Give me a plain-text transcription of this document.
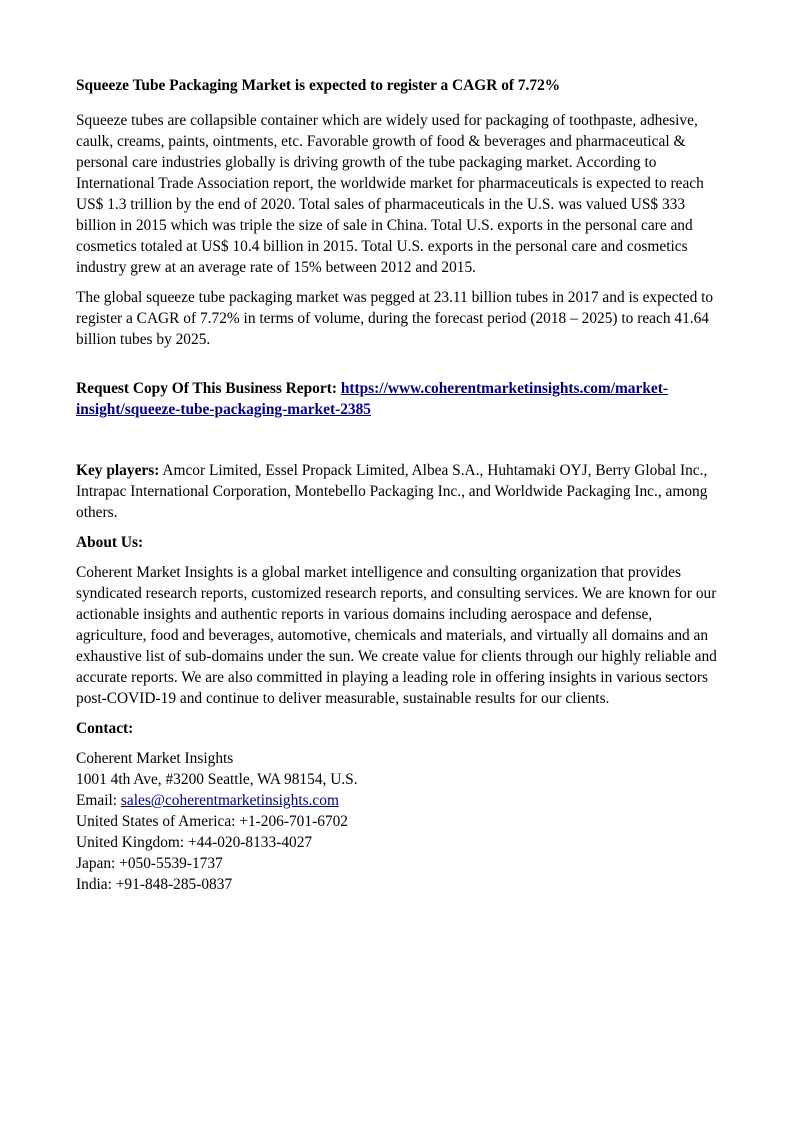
Squeeze Tube Packaging Market is expected to register a CAGR of 7.72%

Squeeze tubes are collapsible container which are widely used for packaging of toothpaste, adhesive, caulk, creams, paints, ointments, etc. Favorable growth of food & beverages and pharmaceutical & personal care industries globally is driving growth of the tube packaging market. According to International Trade Association report, the worldwide market for pharmaceuticals is expected to reach US$ 1.3 trillion by the end of 2020. Total sales of pharmaceuticals in the U.S. was valued US$ 333 billion in 2015 which was triple the size of sale in China. Total U.S. exports in the personal care and cosmetics totaled at US$ 10.4 billion in 2015. Total U.S. exports in the personal care and cosmetics industry grew at an average rate of 15% between 2012 and 2015.

The global squeeze tube packaging market was pegged at 23.11 billion tubes in 2017 and is expected to register a CAGR of 7.72% in terms of volume, during the forecast period (2018 – 2025) to reach 41.64 billion tubes by 2025.

Request Copy Of This Business Report: https://www.coherentmarketinsights.com/market-insight/squeeze-tube-packaging-market-2385

Key players: Amcor Limited, Essel Propack Limited, Albea S.A., Huhtamaki OYJ, Berry Global Inc., Intrapac International Corporation, Montebello Packaging Inc., and Worldwide Packaging Inc., among others.

About Us:

Coherent Market Insights is a global market intelligence and consulting organization that provides syndicated research reports, customized research reports, and consulting services. We are known for our actionable insights and authentic reports in various domains including aerospace and defense, agriculture, food and beverages, automotive, chemicals and materials, and virtually all domains and an exhaustive list of sub-domains under the sun. We create value for clients through our highly reliable and accurate reports. We are also committed in playing a leading role in offering insights in various sectors post-COVID-19 and continue to deliver measurable, sustainable results for our clients.

Contact:

Coherent Market Insights
1001 4th Ave, #3200 Seattle, WA 98154, U.S.
Email: sales@coherentmarketinsights.com
United States of America: +1-206-701-6702
United Kingdom: +44-020-8133-4027
Japan: +050-5539-1737
India: +91-848-285-0837
